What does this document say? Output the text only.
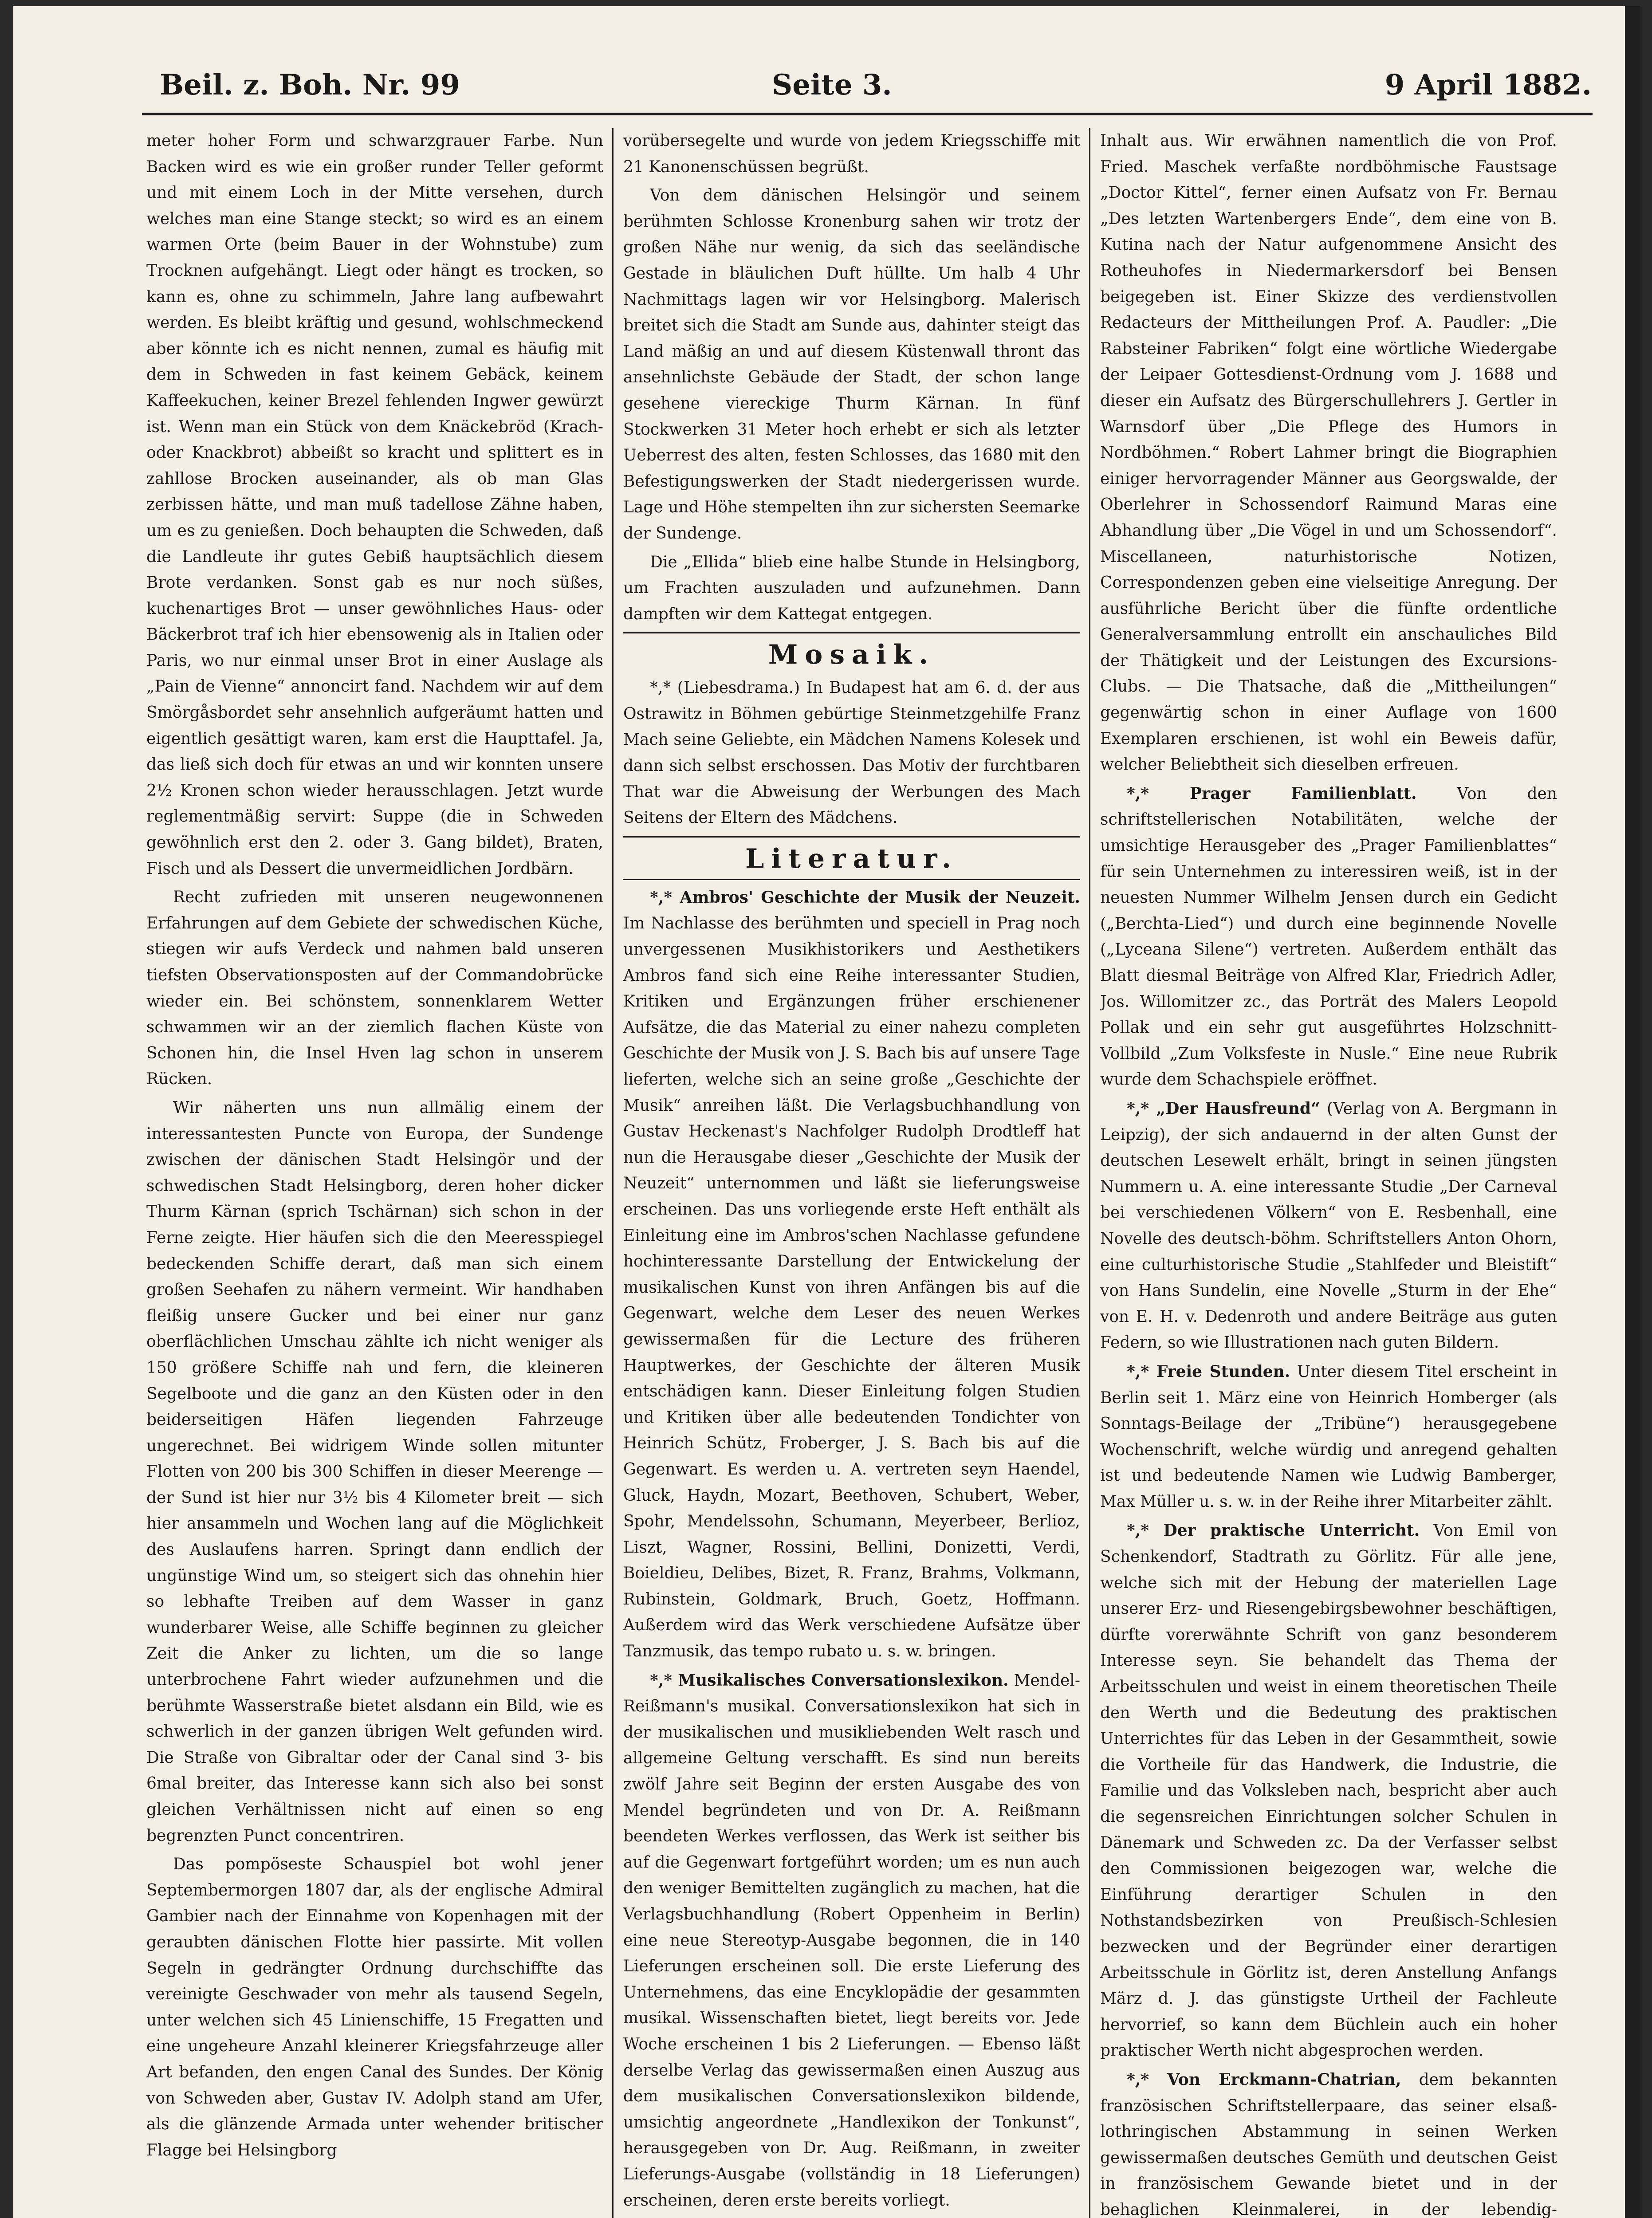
Beil. z. Boh. Nr. 99	Seite 3.	9 April 1882.

meter hoher Form und schwarzgrauer Farbe. Nun Backen wird es wie ein großer runder Teller geformt und mit einem Loch in der Mitte versehen, durch welches man eine Stange steckt; so wird es an einem warmen Orte (beim Bauer in der Wohnstube) zum Trocknen aufgehängt. Liegt oder hängt es trocken, so kann es, ohne zu schimmeln, Jahre lang aufbewahrt werden. Es bleibt kräftig und gesund, wohlschmeckend aber könnte ich es nicht nennen, zumal es häufig mit dem in Schweden in fast keinem Gebäck, keinem Kaffeekuchen, keiner Brezel fehlenden Ingwer gewürzt ist. Wenn man ein Stück von dem Knäckebröd (Krach- oder Knackbrot) abbeißt so kracht und splittert es in zahllose Brocken auseinander, als ob man Glas zerbissen hätte, und man muß tadellose Zähne haben, um es zu genießen. Doch behaupten die Schweden, daß die Landleute ihr gutes Gebiß hauptsächlich diesem Brote verdanken. Sonst gab es nur noch süßes, kuchenartiges Brot — unser gewöhnliches Haus- oder Bäckerbrot traf ich hier ebensowenig als in Italien oder Paris, wo nur einmal unser Brot in einer Auslage als „Pain de Vienne“ annoncirt fand. Nachdem wir auf dem Smörgåsbordet sehr ansehnlich aufgeräumt hatten und eigentlich gesättigt waren, kam erst die Haupttafel. Ja, das ließ sich doch für etwas an und wir konnten unsere 2½ Kronen schon wieder herausschlagen. Jetzt wurde reglementmäßig servirt: Suppe (die in Schweden gewöhnlich erst den 2. oder 3. Gang bildet), Braten, Fisch und als Dessert die unvermeidlichen Jordbärn.

Recht zufrieden mit unseren neugewonnenen Erfahrungen auf dem Gebiete der schwedischen Küche, stiegen wir aufs Verdeck und nahmen bald unseren tiefsten Observationsposten auf der Commandobrücke wieder ein. Bei schönstem, sonnenklarem Wetter schwammen wir an der ziemlich flachen Küste von Schonen hin, die Insel Hven lag schon in unserem Rücken.

Wir näherten uns nun allmälig einem der interessantesten Puncte von Europa, der Sundenge zwischen der dänischen Stadt Helsingör und der schwedischen Stadt Helsingborg, deren hoher dicker Thurm Kärnan (sprich Tschärnan) sich schon in der Ferne zeigte. Hier häufen sich die den Meeresspiegel bedeckenden Schiffe derart, daß man sich einem großen Seehafen zu nähern vermeint. Wir handhaben fleißig unsere Gucker und bei einer nur ganz oberflächlichen Umschau zählte ich nicht weniger als 150 größere Schiffe nah und fern, die kleineren Segelboote und die ganz an den Küsten oder in den beiderseitigen Häfen liegenden Fahrzeuge ungerechnet. Bei widrigem Winde sollen mitunter Flotten von 200 bis 300 Schiffen in dieser Meerenge — der Sund ist hier nur 3½ bis 4 Kilometer breit — sich hier ansammeln und Wochen lang auf die Möglichkeit des Auslaufens harren. Springt dann endlich der ungünstige Wind um, so steigert sich das ohnehin hier so lebhafte Treiben auf dem Wasser in ganz wunderbarer Weise, alle Schiffe beginnen zu gleicher Zeit die Anker zu lichten, um die so lange unterbrochene Fahrt wieder aufzunehmen und die berühmte Wasserstraße bietet alsdann ein Bild, wie es schwerlich in der ganzen übrigen Welt gefunden wird. Die Straße von Gibraltar oder der Canal sind 3- bis 6mal breiter, das Interesse kann sich also bei sonst gleichen Verhältnissen nicht auf einen so eng begrenzten Punct concentriren.

Das pompöseste Schauspiel bot wohl jener Septembermorgen 1807 dar, als der englische Admiral Gambier nach der Einnahme von Kopenhagen mit der geraubten dänischen Flotte hier passirte. Mit vollen Segeln in gedrängter Ordnung durchschiffte das vereinigte Geschwader von mehr als tausend Segeln, unter welchen sich 45 Linienschiffe, 15 Fregatten und eine ungeheure Anzahl kleinerer Kriegsfahrzeuge aller Art befanden, den engen Canal des Sundes. Der König von Schweden aber, Gustav IV. Adolph stand am Ufer, als die glänzende Armada unter wehender britischer Flagge bei Helsingborg

vorübersegelte und wurde von jedem Kriegsschiffe mit 21 Kanonenschüssen begrüßt.

Von dem dänischen Helsingör und seinem berühmten Schlosse Kronenburg sahen wir trotz der großen Nähe nur wenig, da sich das seeländische Gestade in bläulichen Duft hüllte. Um halb 4 Uhr Nachmittags lagen wir vor Helsingborg. Malerisch breitet sich die Stadt am Sunde aus, dahinter steigt das Land mäßig an und auf diesem Küstenwall thront das ansehnlichste Gebäude der Stadt, der schon lange gesehene viereckige Thurm Kärnan. In fünf Stockwerken 31 Meter hoch erhebt er sich als letzter Ueberrest des alten, festen Schlosses, das 1680 mit den Befestigungswerken der Stadt niedergerissen wurde. Lage und Höhe stempelten ihn zur sichersten Seemarke der Sundenge.

Die „Ellida“ blieb eine halbe Stunde in Helsingborg, um Frachten auszuladen und aufzunehmen. Dann dampften wir dem Kattegat entgegen.

Mosaik.

*,* (Liebesdrama.) In Budapest hat am 6. d. der aus Ostrawitz in Böhmen gebürtige Steinmetzgehilfe Franz Mach seine Geliebte, ein Mädchen Namens Kolesek und dann sich selbst erschossen. Das Motiv der furchtbaren That war die Abweisung der Werbungen des Mach Seitens der Eltern des Mädchens.

Literatur.

*,* Ambros' Geschichte der Musik der Neuzeit. Im Nachlasse des berühmten und speciell in Prag noch unvergessenen Musikhistorikers und Aesthetikers Ambros fand sich eine Reihe interessanter Studien, Kritiken und Ergänzungen früher erschienener Aufsätze, die das Material zu einer nahezu completen Geschichte der Musik von J. S. Bach bis auf unsere Tage lieferten, welche sich an seine große „Geschichte der Musik“ anreihen läßt. Die Verlagsbuchhandlung von Gustav Heckenast's Nachfolger Rudolph Drodtleff hat nun die Herausgabe dieser „Geschichte der Musik der Neuzeit“ unternommen und läßt sie lieferungsweise erscheinen. Das uns vorliegende erste Heft enthält als Einleitung eine im Ambros'schen Nachlasse gefundene hochinteressante Darstellung der Entwickelung der musikalischen Kunst von ihren Anfängen bis auf die Gegenwart, welche dem Leser des neuen Werkes gewissermaßen für die Lecture des früheren Hauptwerkes, der Geschichte der älteren Musik entschädigen kann. Dieser Einleitung folgen Studien und Kritiken über alle bedeutenden Tondichter von Heinrich Schütz, Froberger, J. S. Bach bis auf die Gegenwart. Es werden u. A. vertreten seyn Haendel, Gluck, Haydn, Mozart, Beethoven, Schubert, Weber, Spohr, Mendelssohn, Schumann, Meyerbeer, Berlioz, Liszt, Wagner, Rossini, Bellini, Donizetti, Verdi, Boieldieu, Delibes, Bizet, R. Franz, Brahms, Volkmann, Rubinstein, Goldmark, Bruch, Goetz, Hoffmann. Außerdem wird das Werk verschiedene Aufsätze über Tanzmusik, das tempo rubato u. s. w. bringen.

*,* Musikalisches Conversationslexikon. Mendel-Reißmann's musikal. Conversationslexikon hat sich in der musikalischen und musikliebenden Welt rasch und allgemeine Geltung verschafft. Es sind nun bereits zwölf Jahre seit Beginn der ersten Ausgabe des von Mendel begründeten und von Dr. A. Reißmann beendeten Werkes verflossen, das Werk ist seither bis auf die Gegenwart fortgeführt worden; um es nun auch den weniger Bemittelten zugänglich zu machen, hat die Verlagsbuchhandlung (Robert Oppenheim in Berlin) eine neue Stereotyp-Ausgabe begonnen, die in 140 Lieferungen erscheinen soll. Die erste Lieferung des Unternehmens, das eine Encyklopädie der gesammten musikal. Wissenschaften bietet, liegt bereits vor. Jede Woche erscheinen 1 bis 2 Lieferungen. — Ebenso läßt derselbe Verlag das gewissermaßen einen Auszug aus dem musikalischen Conversationslexikon bildende, umsichtig angeordnete „Handlexikon der Tonkunst“, herausgegeben von Dr. Aug. Reißmann, in zweiter Lieferungs-Ausgabe (vollständig in 18 Lieferungen) erscheinen, deren erste bereits vorliegt.

Inhalt aus. Wir erwähnen namentlich die von Prof. Fried. Maschek verfaßte nordböhmische Faustsage „Doctor Kittel“, ferner einen Aufsatz von Fr. Bernau „Des letzten Wartenbergers Ende“, dem eine von B. Kutina nach der Natur aufgenommene Ansicht des Rotheuhofes in Niedermarkersdorf bei Bensen beigegeben ist. Einer Skizze des verdienstvollen Redacteurs der Mittheilungen Prof. A. Paudler: „Die Rabsteiner Fabriken“ folgt eine wörtliche Wiedergabe der Leipaer Gottesdienst-Ordnung vom J. 1688 und dieser ein Aufsatz des Bürgerschullehrers J. Gertler in Warnsdorf über „Die Pflege des Humors in Nordböhmen.“ Robert Lahmer bringt die Biographien einiger hervorragender Männer aus Georgswalde, der Oberlehrer in Schossendorf Raimund Maras eine Abhandlung über „Die Vögel in und um Schossendorf“. Miscellaneen, naturhistorische Notizen, Correspondenzen geben eine vielseitige Anregung. Der ausführliche Bericht über die fünfte ordentliche Generalversammlung entrollt ein anschauliches Bild der Thätigkeit und der Leistungen des Excursions-Clubs. — Die Thatsache, daß die „Mittheilungen“ gegenwärtig schon in einer Auflage von 1600 Exemplaren erschienen, ist wohl ein Beweis dafür, welcher Beliebtheit sich dieselben erfreuen.

*,* Prager Familienblatt.	Von den schriftstellerischen Notabilitäten, welche der umsichtige Herausgeber des „Prager Familienblattes“ für sein Unternehmen zu interessiren weiß, ist in der neuesten Nummer Wilhelm Jensen durch ein Gedicht („Berchta-Lied“) und durch eine beginnende Novelle („Lyceana Silene“) vertreten. Außerdem enthält das Blatt diesmal Beiträge von Alfred Klar, Friedrich Adler, Jos. Willomitzer zc., das Porträt des Malers Leopold Pollak und ein sehr gut ausgeführtes Holzschnitt-Vollbild „Zum Volksfeste in Nusle.“ Eine neue Rubrik wurde dem Schachspiele eröffnet.

*,* „Der Hausfreund“ (Verlag von A. Bergmann in Leipzig), der sich andauernd in der alten Gunst der deutschen Lesewelt erhält, bringt in seinen jüngsten Nummern u. A. eine interessante Studie „Der Carneval bei verschiedenen Völkern“ von E. Resbenhall, eine Novelle des deutsch-böhm. Schriftstellers Anton Ohorn, eine culturhistorische Studie „Stahlfeder und Bleistift“ von Hans Sundelin, eine Novelle „Sturm in der Ehe“ von E. H. v. Dedenroth und andere Beiträge aus guten Federn, so wie Illustrationen nach guten Bildern.

*,* Freie Stunden. Unter diesem Titel erscheint in Berlin seit 1. März eine von Heinrich Homberger (als Sonntags-Beilage der „Tribüne“) herausgegebene Wochenschrift, welche würdig und anregend gehalten ist und bedeutende Namen wie Ludwig Bamberger, Max Müller u. s. w. in der Reihe ihrer Mitarbeiter zählt.

*,* Der praktische Unterricht. Von Emil von Schenkendorf, Stadtrath zu Görlitz. Für alle jene, welche sich mit der Hebung der materiellen Lage unserer Erz- und Riesengebirgsbewohner beschäftigen, dürfte vorerwähnte Schrift von ganz besonderem Interesse seyn. Sie behandelt das Thema der Arbeitsschulen und weist in einem theoretischen Theile den Werth und die Bedeutung des praktischen Unterrichtes für das Leben in der Gesammtheit, sowie die Vortheile für das Handwerk, die Industrie, die Familie und das Volksleben nach, bespricht aber auch die segensreichen Einrichtungen solcher Schulen in Dänemark und Schweden zc. Da der Verfasser selbst den Commissionen beigezogen war, welche die Einführung derartiger Schulen in den Nothstandsbezirken von Preußisch-Schlesien bezwecken und der Begründer einer derartigen Arbeitsschule in Görlitz ist, deren Anstellung Anfangs März d. J. das günstigste Urtheil der Fachleute hervorrief, so kann dem Büchlein auch ein hoher praktischer Werth nicht abgesprochen werden.

*,* Von Erckmann-Chatrian, dem bekannten französischen Schriftstellerpaare, das seiner elsaß-lothringischen Abstammung in seinen Werken gewissermaßen deutsches Gemüth und deutschen Geist in französischem Gewande bietet und in der behaglichen Kleinmalerei, in der lebendig-
